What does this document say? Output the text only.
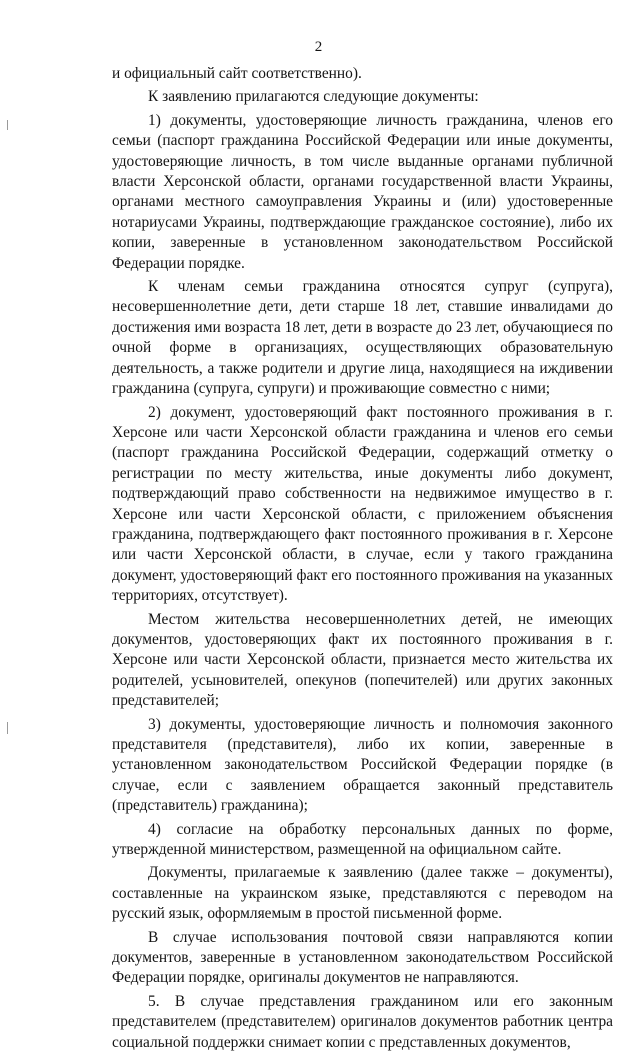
2

и официальный сайт соответственно).

К заявлению прилагаются следующие документы:

1) документы, удостоверяющие личность гражданина, членов его семьи (паспорт гражданина Российской Федерации или иные документы, удостоверяющие личность, в том числе выданные органами публичной власти Херсонской области, органами государственной власти Украины, органами местного самоуправления Украины и (или) удостоверенные нотариусами Украины, подтверждающие гражданское состояние), либо их копии, заверенные в установленном законодательством Российской Федерации порядке.

К членам семьи гражданина относятся супруг (супруга), несовершеннолетние дети, дети старше 18 лет, ставшие инвалидами до достижения ими возраста 18 лет, дети в возрасте до 23 лет, обучающиеся по очной форме в организациях, осуществляющих образовательную деятельность, а также родители и другие лица, находящиеся на иждивении гражданина (супруга, супруги) и проживающие совместно с ними;

2) документ, удостоверяющий факт постоянного проживания в г. Херсоне или части Херсонской области гражданина и членов его семьи (паспорт гражданина Российской Федерации, содержащий отметку о регистрации по месту жительства, иные документы либо документ, подтверждающий право собственности на недвижимое имущество в г. Херсоне или части Херсонской области, с приложением объяснения гражданина, подтверждающего факт постоянного проживания в г. Херсоне или части Херсонской области, в случае, если у такого гражданина документ, удостоверяющий факт его постоянного проживания на указанных территориях, отсутствует).

Местом жительства несовершеннолетних детей, не имеющих документов, удостоверяющих факт их постоянного проживания в г. Херсоне или части Херсонской области, признается место жительства их родителей, усыновителей, опекунов (попечителей) или других законных представителей;

3) документы, удостоверяющие личность и полномочия законного представителя (представителя), либо их копии, заверенные в установленном законодательством Российской Федерации порядке (в случае, если с заявлением обращается законный представитель (представитель) гражданина);

4) согласие на обработку персональных данных по форме, утвержденной министерством, размещенной на официальном сайте.

Документы, прилагаемые к заявлению (далее также – документы), составленные на украинском языке, представляются с переводом на русский язык, оформляемым в простой письменной форме.

В случае использования почтовой связи направляются копии документов, заверенные в установленном законодательством Российской Федерации порядке, оригиналы документов не направляются.

5. В случае представления гражданином или его законным представителем (представителем) оригиналов документов работник центра социальной поддержки снимает копии с представленных документов,
